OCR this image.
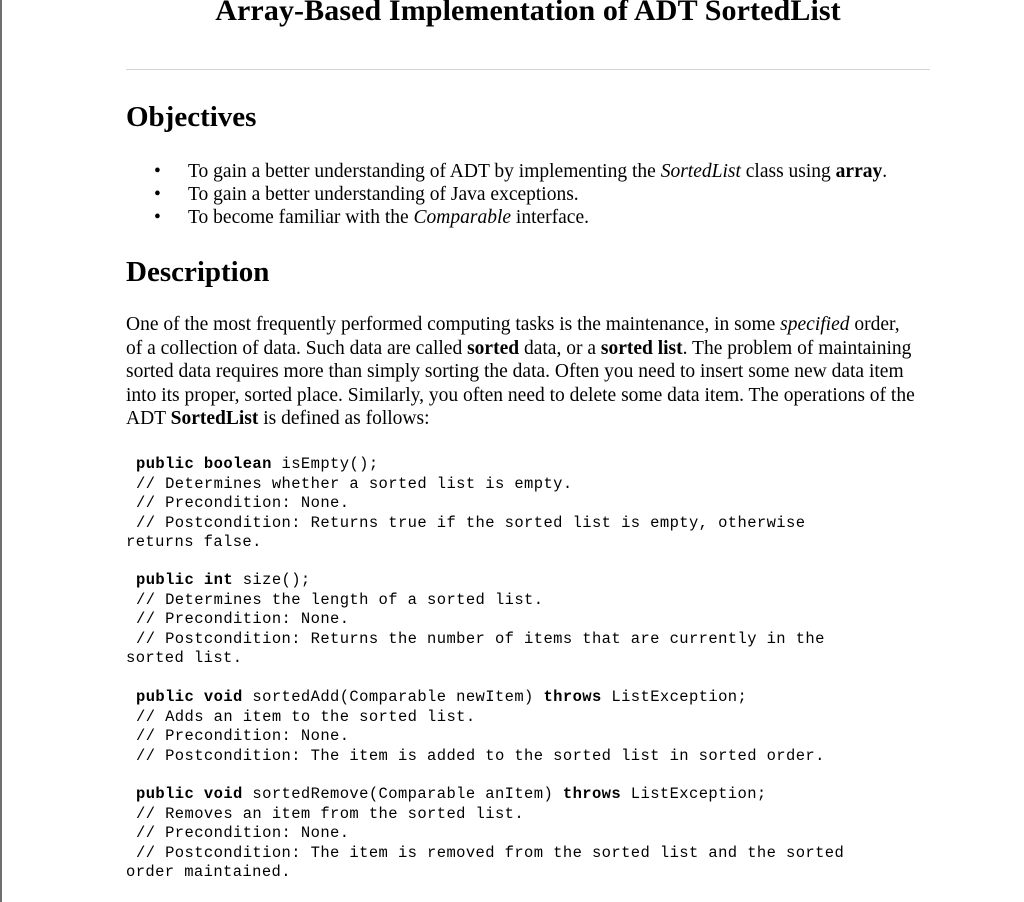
Array-Based Implementation of ADT SortedList
Objectives
• To gain a better understanding of ADT by implementing the SortedList class using array.
• To gain a better understanding of Java exceptions.
• To become familiar with the Comparable interface.
Description

One of the most frequently performed computing tasks is the maintenance, in some specified order, of a collection of data. Such data are called sorted data, or a sorted list. The problem of maintaining sorted data requires more than simply sorting the data. Often you need to insert some new data item into its proper, sorted place. Similarly, you often need to delete some data item. The operations of the ADT SortedList is defined as follows:

public boolean isEmpty();
// Determines whether a sorted list is empty.
// Precondition: None.
// Postcondition: Returns true if the sorted list is empty, otherwise
returns false.
public int size();
// Determines the length of a sorted list.
// Precondition: None.
// Postcondition: Returns the number of items that are currently in the
sorted list.
public void sortedAdd(Comparable newItem) throws ListException;
// Adds an item to the sorted list.
// Precondition: None.
// Postcondition: The item is added to the sorted list in sorted order.
public void sortedRemove(Comparable anItem) throws ListException;
// Removes an item from the sorted list.
// Precondition: None.
// Postcondition: The item is removed from the sorted list and the sorted
order maintained.
